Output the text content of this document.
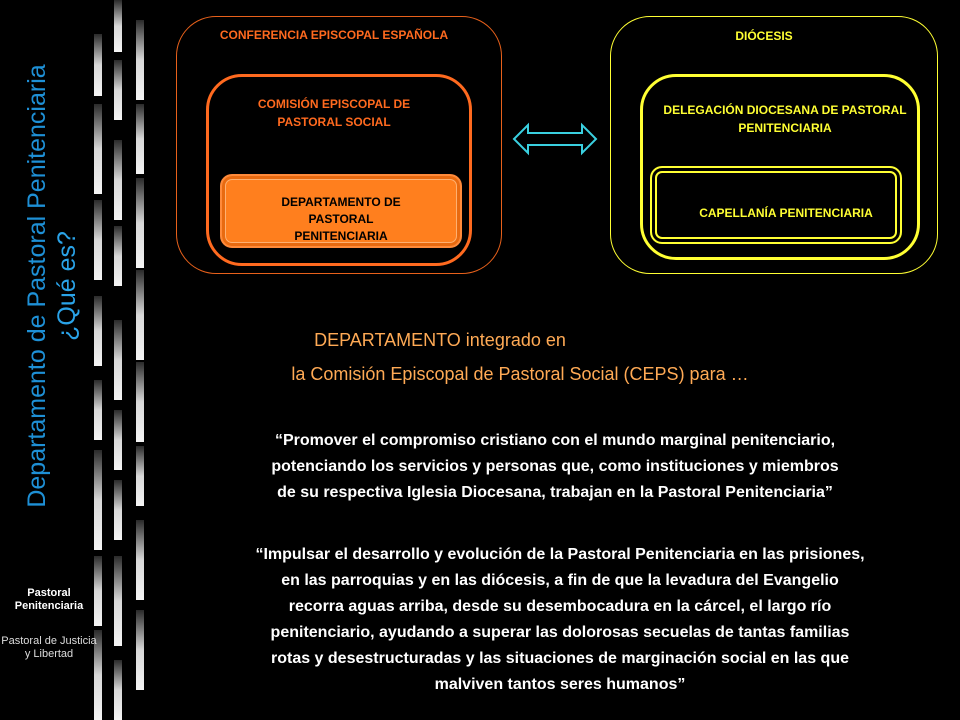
Departamento de Pastoral Penitenciaria ¿Qué es?
Pastoral Penitenciaria
Pastoral de Justicia y Libertad
CONFERENCIA EPISCOPAL ESPAÑOLA
COMISIÓN EPISCOPAL DE PASTORAL SOCIAL
DEPARTAMENTO DE PASTORAL PENITENCIARIA
DIÓCESIS
DELEGACIÓN DIOCESANA DE PASTORAL PENITENCIARIA
CAPELLANÍA PENITENCIARIA
DEPARTAMENTO integrado en
la Comisión Episcopal de Pastoral Social (CEPS) para …
“Promover el compromiso cristiano con el mundo marginal penitenciario,
potenciando los servicios y personas que, como instituciones y miembros
de su respectiva Iglesia Diocesana, trabajan en la Pastoral Penitenciaria”
“Impulsar el desarrollo y evolución de la Pastoral Penitenciaria en las prisiones,
en las parroquias y en las diócesis, a fin de que la levadura del Evangelio
recorra aguas arriba, desde su desembocadura en la cárcel, el largo río
penitenciario, ayudando a superar las dolorosas secuelas de tantas familias
rotas y desestructuradas y las situaciones de marginación social en las que
malviven tantos seres humanos”
